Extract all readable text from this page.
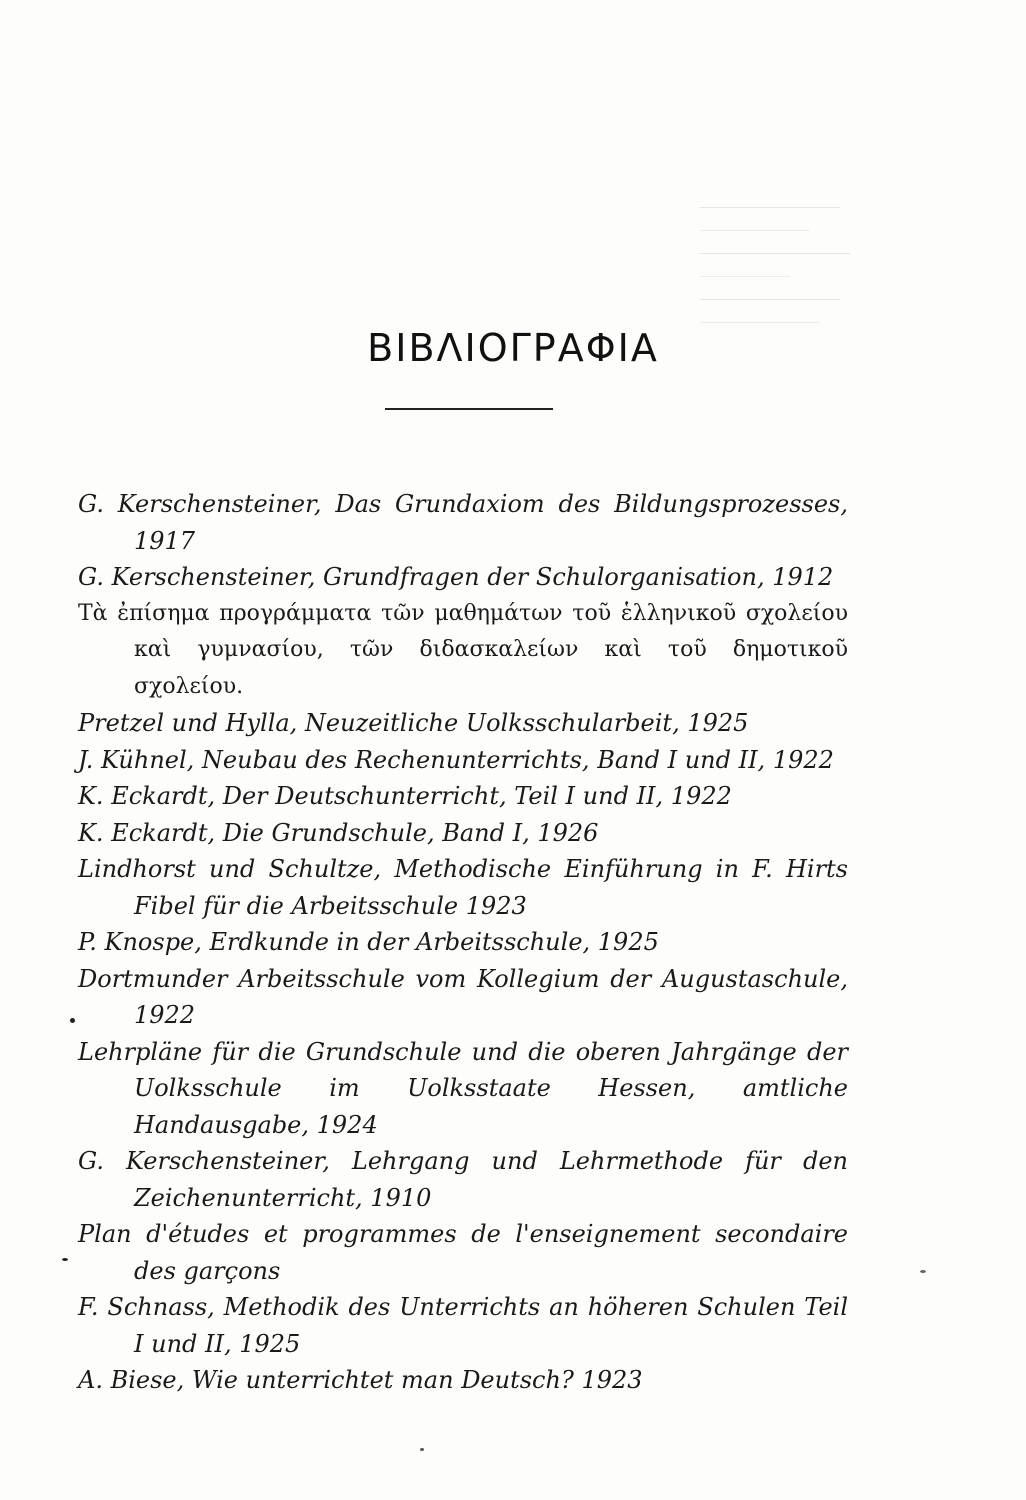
ΒΙΒΛΙΟΓΡΑΦΙΑ
G. Kerschensteiner, Das Grundaxiom des Bildungsprozesses, 1917
G. Kerschensteiner, Grundfragen der Schulorganisation, 1912
Τὰ ἐπίσημα προγράμματα τῶν μαθημάτων τοῦ ἑλληνικοῦ σχολείου καὶ γυμνασίου, τῶν διδασκαλείων καὶ τοῦ δημοτικοῦ σχολείου.
Pretzel und Hylla, Neuzeitliche Uolksschularbeit, 1925
J. Kühnel, Neubau des Rechenunterrichts, Band I und II, 1922
K. Eckardt, Der Deutschunterricht, Teil I und II, 1922
K. Eckardt, Die Grundschule, Band I, 1926
Lindhorst und Schultze, Methodische Einführung in F. Hirts Fibel für die Arbeitsschule 1923
P. Knospe, Erdkunde in der Arbeitsschule, 1925
Dortmunder Arbeitsschule vom Kollegium der Augustaschule, 1922
Lehrpläne für die Grundschule und die oberen Jahrgänge der Uolksschule im Uolksstaate Hessen, amtliche Handausgabe, 1924
G. Kerschensteiner, Lehrgang und Lehrmethode für den Zeichenunterricht, 1910
Plan d'études et programmes de l'enseignement secondaire des garçons
F. Schnass, Methodik des Unterrichts an höheren Schulen Teil I und II, 1925
A. Biese, Wie unterrichtet man Deutsch? 1923
